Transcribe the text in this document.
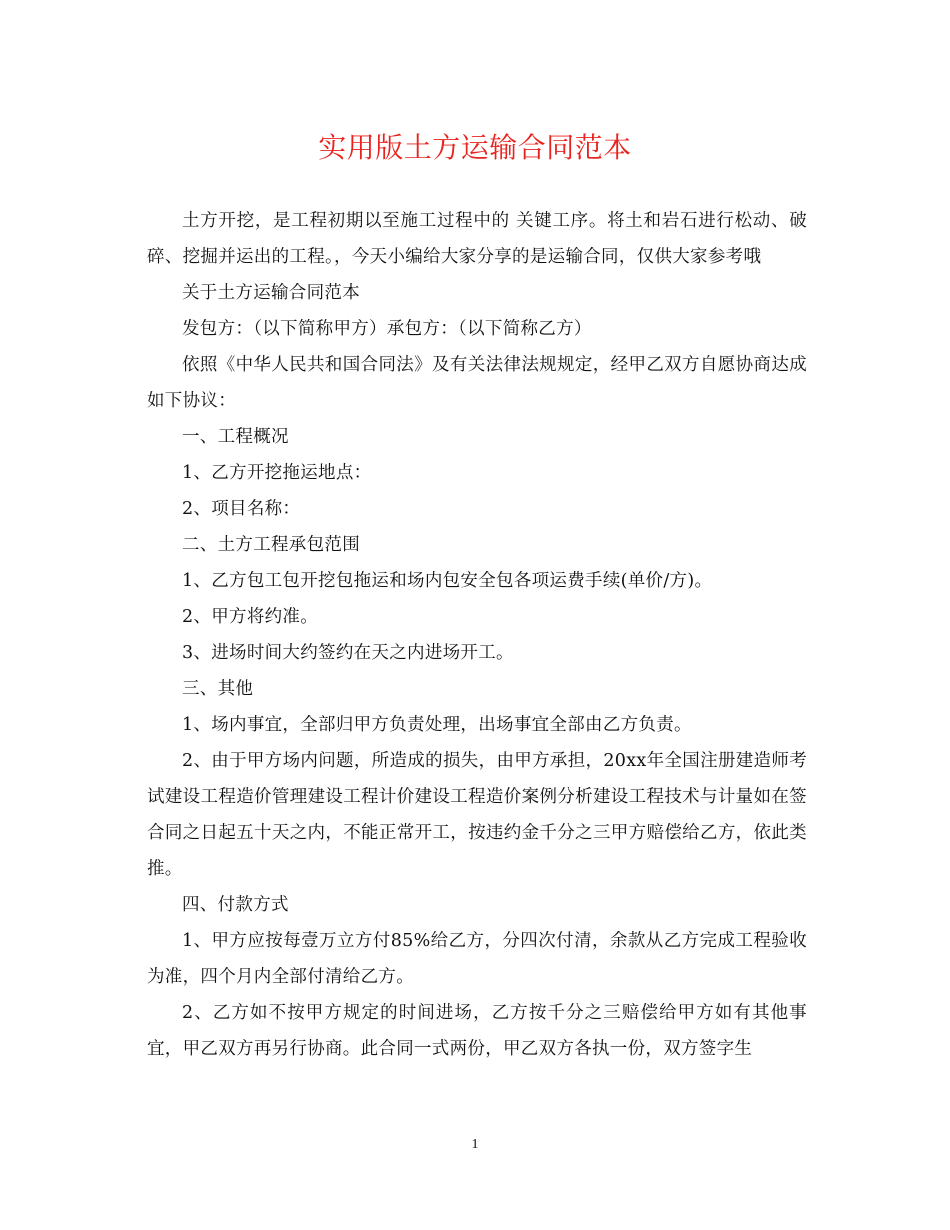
实用版土方运输合同范本

土方开挖，是工程初期以至施工过程中的 关键工序。将土和岩石进行松动、破碎、挖掘并运出的工程。，今天小编给大家分享的是运输合同，仅供大家参考哦

关于土方运输合同范本

发包方：（以下简称甲方）承包方：（以下简称乙方）

依照《中华人民共和国合同法》及有关法律法规规定，经甲乙双方自愿协商达成如下协议：

一、工程概况

1、乙方开挖拖运地点：

2、项目名称：

二、土方工程承包范围

1、乙方包工包开挖包拖运和场内包安全包各项运费手续(单价/方)。

2、甲方将约准。

3、进场时间大约签约在天之内进场开工。

三、其他

1、场内事宜，全部归甲方负责处理，出场事宜全部由乙方负责。

2、由于甲方场内问题，所造成的损失，由甲方承担，20xx年全国注册建造师考试建设工程造价管理建设工程计价建设工程造价案例分析建设工程技术与计量如在签合同之日起五十天之内，不能正常开工，按违约金千分之三甲方赔偿给乙方，依此类推。

四、付款方式

1、甲方应按每壹万立方付85%给乙方，分四次付清，余款从乙方完成工程验收为准，四个月内全部付清给乙方。

2、乙方如不按甲方规定的时间进场，乙方按千分之三赔偿给甲方如有其他事宜，甲乙双方再另行协商。此合同一式两份，甲乙双方各执一份，双方签字生

1
